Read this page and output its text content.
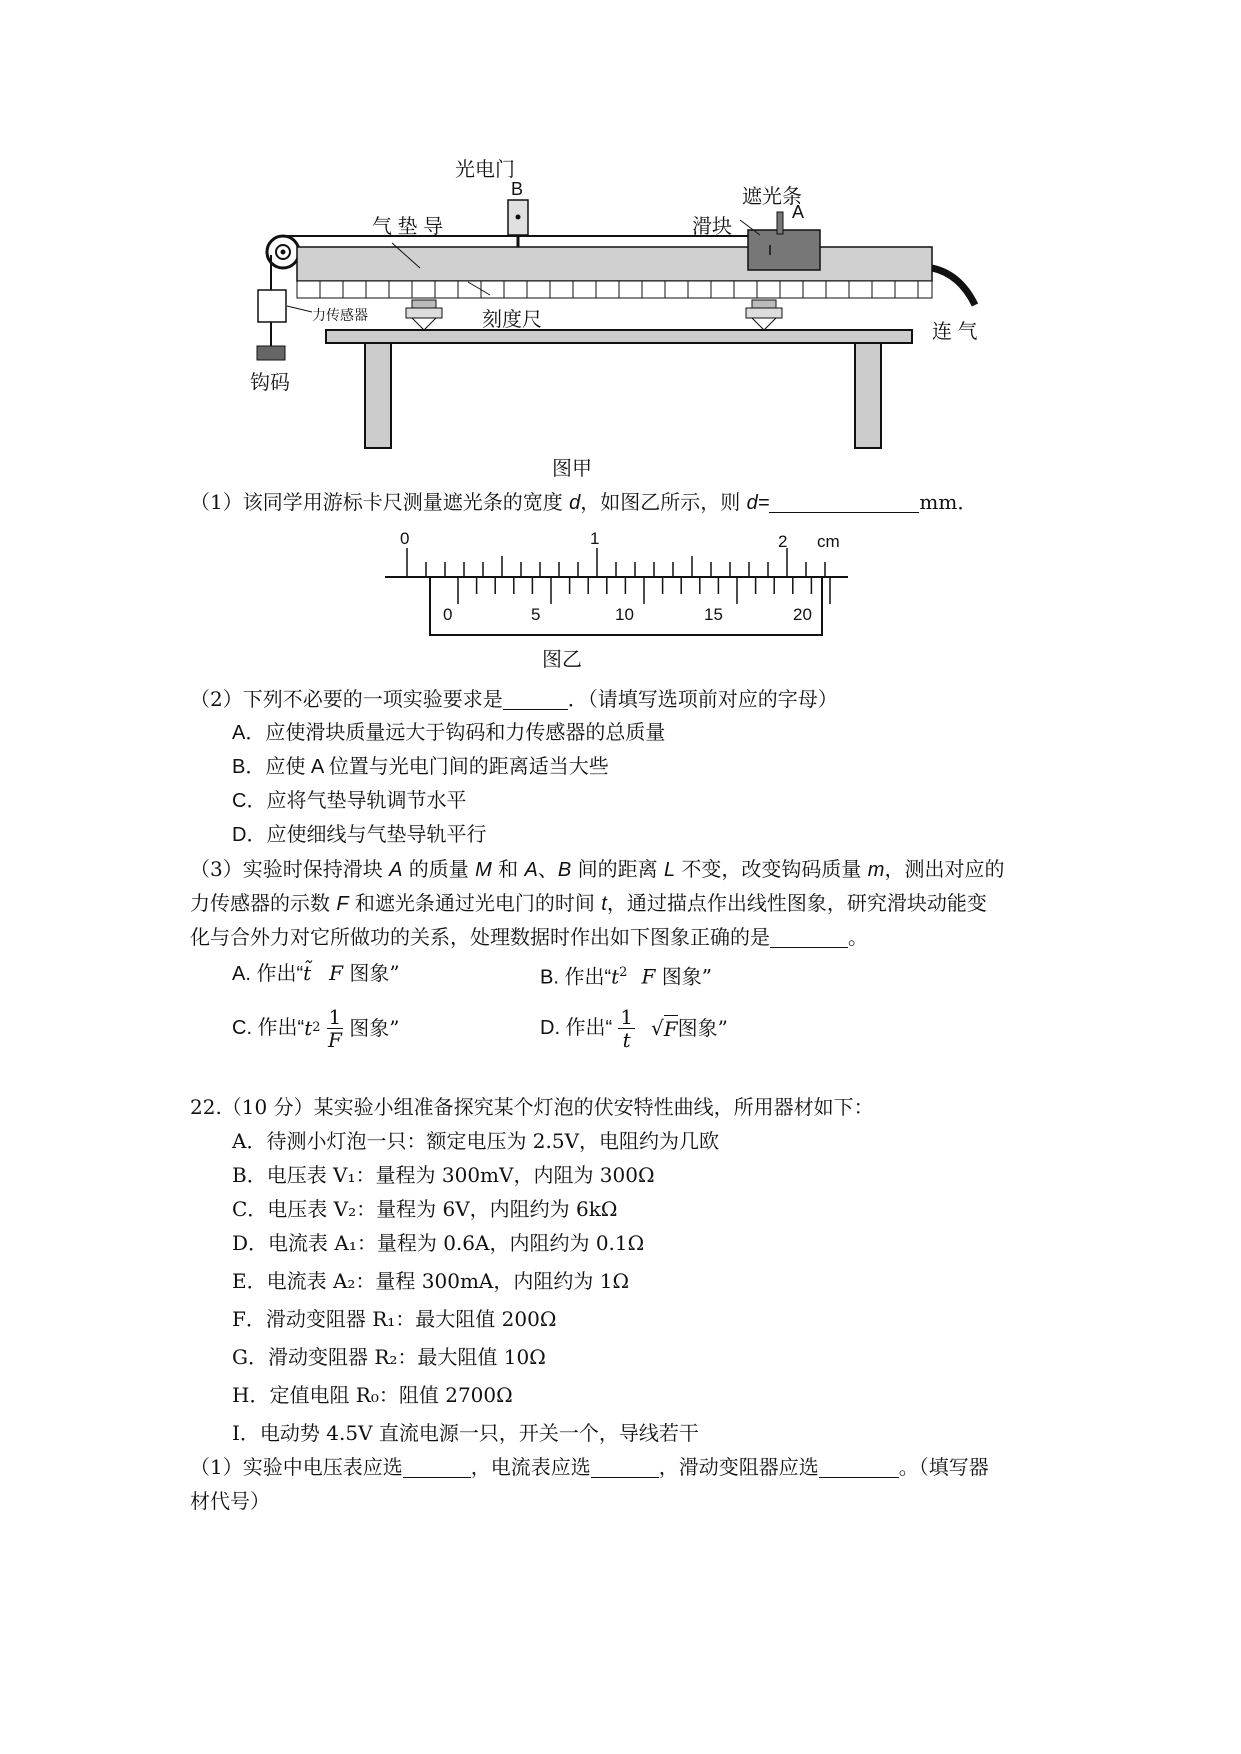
光电门
B	遮光条
A
气 垫 导	滑块
力传感器	刻度尺
连 气
钩码
图甲
（1）该同学用游标卡尺测量遮光条的宽度 d，如图乙所示，则 d=	mm．
0	1	2 cm
0	5	10	15	20
图乙
（2）下列不必要的一项实验要求是	．（请填写选项前对应的字母）
A．应使滑块质量远大于钩码和力传感器的总质量
B．应使 A 位置与光电门间的距离适当大些
C．应将气垫导轨调节水平
D．应使细线与气垫导轨平行
（3）实验时保持滑块 A 的质量 M 和 A、B 间的距离 L 不变，改变钩码质量 m，测出对应的
力传感器的示数 F 和遮光条通过光电门的时间 t，通过描点作出线性图象，研究滑块动能变
化与合外力对它所做功的关系，处理数据时作出如下图象正确的是	。
A. 作出“t̃ F 图象”	B. 作出“$t^2$ F 图象”
C. 作出“ t $2 \frac{1}{F}$ 图象”	D. 作出“ $\frac{1}{t}$ √ F 图象”
22.（10 分）某实验小组准备探究某个灯泡的伏安特性曲线，所用器材如下：
A．待测小灯泡一只：额定电压为 2.5V，电阻约为几欧
B．电压表 V₁：量程为 300mV，内阻为 300Ω
C．电压表 V₂：量程为 6V，内阻约为 6kΩ
D．电流表 A₁：量程为 0.6A，内阻约为 0.1Ω
E．电流表 A₂：量程 300mA，内阻约为 1Ω
F．滑动变阻器 R₁：最大阻值 200Ω
G．滑动变阻器 R₂：最大阻值 10Ω
H．定值电阻 R₀：阻值 2700Ω
I．电动势 4.5V 直流电源一只，开关一个，导线若干
（1）实验中电压表应选	，电流表应选	，滑动变阻器应选	。（填写器
材代号）
